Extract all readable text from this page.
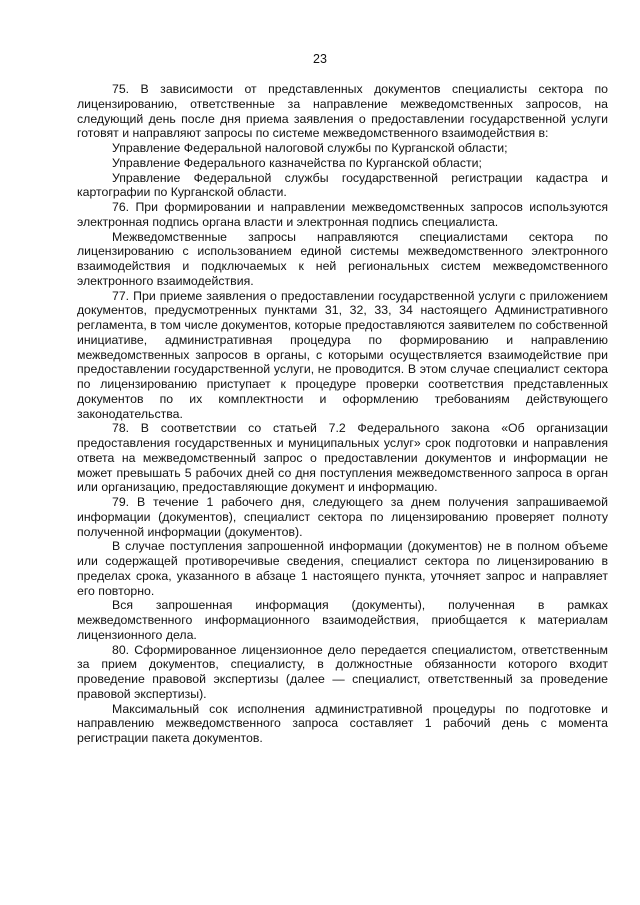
23

75. В зависимости от представленных документов специалисты сектора по лицензированию, ответственные за направление межведомственных запросов, на следующий день после дня приема заявления о предоставлении государственной услуги готовят и направляют запросы по системе межведомственного взаимодействия в:

Управление Федеральной налоговой службы по Курганской области;

Управление Федерального казначейства по Курганской области;

Управление Федеральной службы государственной регистрации кадастра и картографии по Курганской области.

76. При формировании и направлении межведомственных запросов используются электронная подпись органа власти и электронная подпись специалиста.

Межведомственные запросы направляются специалистами сектора по лицензированию с использованием единой системы межведомственного электронного взаимодействия и подключаемых к ней региональных систем межведомственного электронного взаимодействия.

77. При приеме заявления о предоставлении государственной услуги с приложением документов, предусмотренных пунктами 31, 32, 33, 34 настоящего Административного регламента, в том числе документов, которые предоставляются заявителем по собственной инициативе, административная процедура по формированию и направлению межведомственных запросов в органы, с которыми осуществляется взаимодействие при предоставлении государственной услуги, не проводится. В этом случае специалист сектора по лицензированию приступает к процедуре проверки соответствия представленных документов по их комплектности и оформлению требованиям действующего законодательства.

78. В соответствии со статьей 7.2 Федерального закона «Об организации предоставления государственных и муниципальных услуг» срок подготовки и направления ответа на межведомственный запрос о предоставлении документов и информации не может превышать 5 рабочих дней со дня поступления межведомственного запроса в орган или организацию, предоставляющие документ и информацию.

79. В течение 1 рабочего дня, следующего за днем получения запрашиваемой информации (документов), специалист сектора по лицензированию проверяет полноту полученной информации (документов).

В случае поступления запрошенной информации (документов) не в полном объеме или содержащей противоречивые сведения, специалист сектора по лицензированию в пределах срока, указанного в абзаце 1 настоящего пункта, уточняет запрос и направляет его повторно.

Вся запрошенная информация (документы), полученная в рамках межведомственного информационного взаимодействия, приобщается к материалам лицензионного дела.

80. Сформированное лицензионное дело передается специалистом, ответственным за прием документов, специалисту, в должностные обязанности которого входит проведение правовой экспертизы (далее — специалист, ответственный за проведение правовой экспертизы).

Максимальный сок исполнения административной процедуры по подготовке и направлению межведомственного запроса составляет 1 рабочий день с момента регистрации пакета документов.
